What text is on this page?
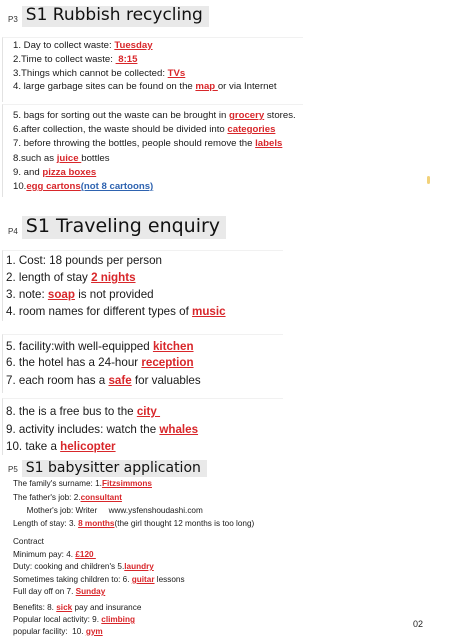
P3 S1 Rubbish recycling
1. Day to collect waste: Tuesday
2.Time to collect waste:  8:15
3.Things which cannot be collected: TVs
4. large garbage sites can be found on the map or via Internet
5. bags for sorting out the waste can be brought in grocery stores.
6.after collection, the waste should be divided into categories
7. before throwing the bottles, people should remove the labels
8.such as juice bottles
9. and pizza boxes
10.egg cartons(not 8 cartoons)
P4 S1 Traveling enquiry
1. Cost: 18 pounds per person
2. length of stay 2 nights
3. note: soap is not provided
4. room names for different types of music
5. facility:with well-equipped kitchen
6. the hotel has a 24-hour reception
7. each room has a safe for valuables
8. the is a free bus to the city
9. activity includes: watch the whales
10. take a helicopter
P5 S1 babysitter application
The family's surname: 1.Fitzsimmons
The father's job: 2.consultant
Mother's job: Writer     www.ysfenshoudashi.com
Length of stay: 3. 8 months(the girl thought 12 months is too long)
Contract
Minimum pay: 4. £120
Duty: cooking and children's 5.laundry
Sometimes taking children to: 6. guitar lessons
Full day off on 7. Sunday
Benefits: 8. sick pay and insurance
Popular local activity: 9. climbing
popular facility:  10. gym
02
